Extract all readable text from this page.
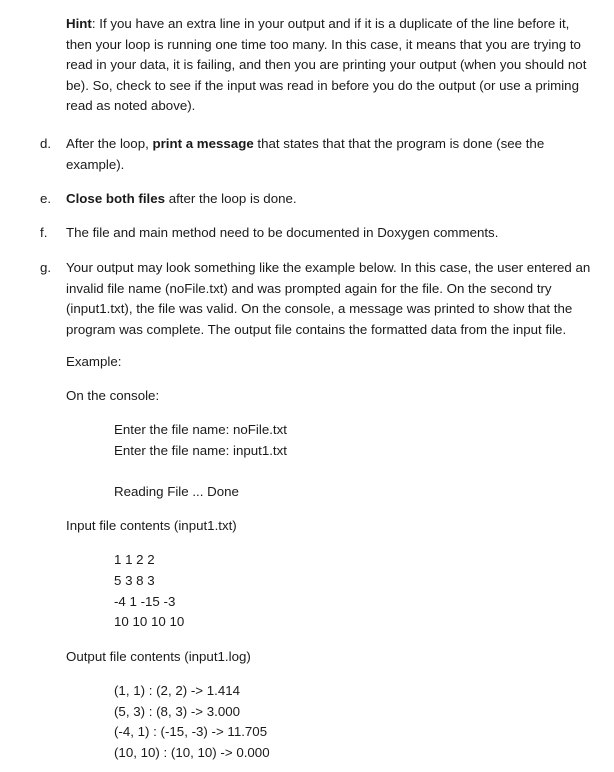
Hint: If you have an extra line in your output and if it is a duplicate of the line before it, then your loop is running one time too many. In this case, it means that you are trying to read in your data, it is failing, and then you are printing your output (when you should not be). So, check to see if the input was read in before you do the output (or use a priming read as noted above).
d. After the loop, print a message that states that that the program is done (see the example).
e. Close both files after the loop is done.
f. The file and main method need to be documented in Doxygen comments.
g. Your output may look something like the example below. In this case, the user entered an invalid file name (noFile.txt) and was prompted again for the file. On the second try (input1.txt), the file was valid. On the console, a message was printed to show that the program was complete. The output file contains the formatted data from the input file.
Example:
On the console:
Enter the file name: noFile.txt
Enter the file name: input1.txt
Reading File ... Done
Input file contents (input1.txt)
1 1 2 2
5 3 8 3
-4 1 -15 -3
10 10 10 10
Output file contents (input1.log)
(1, 1) : (2, 2) -> 1.414
(5, 3) : (8, 3) -> 3.000
(-4, 1) : (-15, -3) -> 11.705
(10, 10) : (10, 10) -> 0.000
